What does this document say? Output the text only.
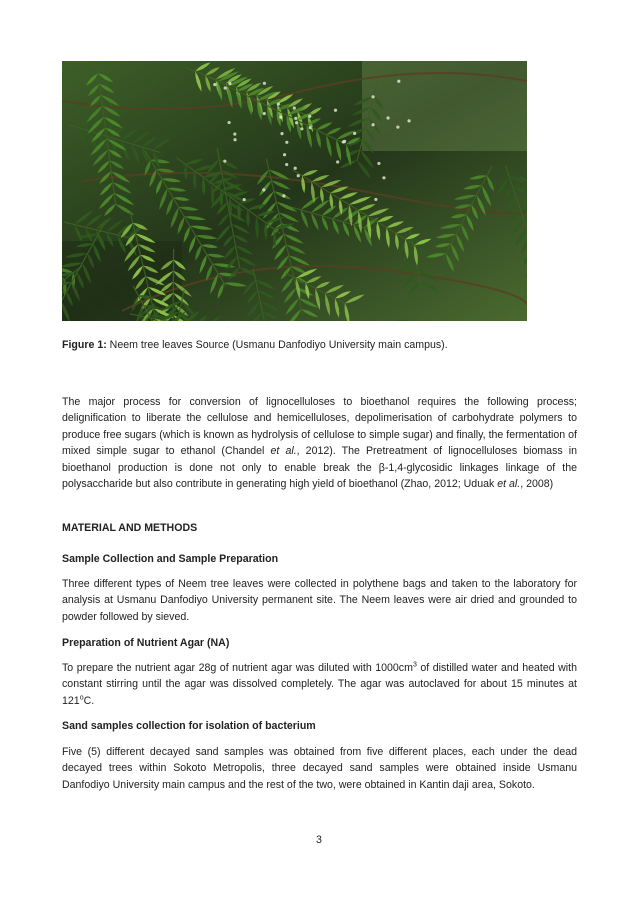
Figure 1: Neem tree leaves Source (Usmanu Danfodiyo University main campus).

The major process for conversion of lignocelluloses to bioethanol requires the following process; delignification to liberate the cellulose and hemicelluloses, depolimerisation of carbohydrate polymers to produce free sugars (which is known as hydrolysis of cellulose to simple sugar) and finally, the fermentation of mixed simple sugar to ethanol (Chandel et al., 2012). The Pretreatment of lignocelluloses biomass in bioethanol production is done not only to enable break the β-1,4-glycosidic linkages linkage of the polysaccharide but also contribute in generating high yield of bioethanol (Zhao, 2012; Uduak et al., 2008)

MATERIAL AND METHODS

Sample Collection and Sample Preparation

Three different types of Neem tree leaves were collected in polythene bags and taken to the laboratory for analysis at Usmanu Danfodiyo University permanent site. The Neem leaves were air dried and grounded to powder followed by sieved.

Preparation of Nutrient Agar (NA)

To prepare the nutrient agar 28g of nutrient agar was diluted with $1000cm^3$ of distilled water and heated with constant stirring until the agar was dissolved completely. The agar was autoclaved for about 15 minutes at 121$^o$C.

Sand samples collection for isolation of bacterium

Five (5) different decayed sand samples was obtained from five different places, each under the dead decayed trees within Sokoto Metropolis, three decayed sand samples were obtained inside Usmanu Danfodiyo University main campus and the rest of the two, were obtained in Kantin daji area, Sokoto.

3
